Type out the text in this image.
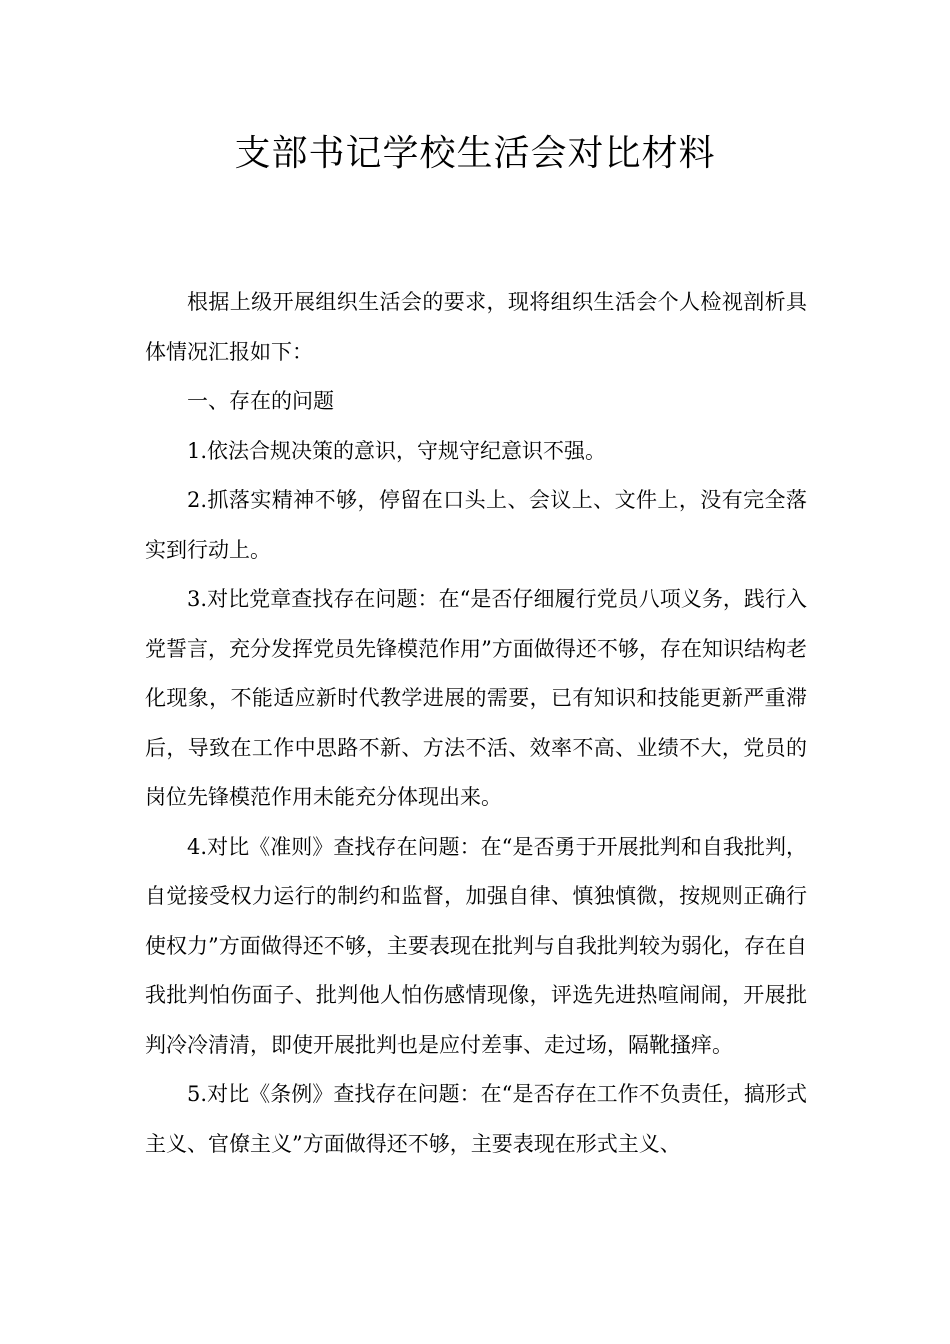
支部书记学校生活会对比材料

根据上级开展组织生活会的要求，现将组织生活会个人检视剖析具体情况汇报如下：

一、存在的问题

1.依法合规决策的意识，守规守纪意识不强。

2.抓落实精神不够，停留在口头上、会议上、文件上，没有完全落实到行动上。

3.对比党章查找存在问题：在“是否仔细履行党员八项义务，践行入党誓言，充分发挥党员先锋模范作用”方面做得还不够，存在知识结构老化现象，不能适应新时代教学进展的需要，已有知识和技能更新严重滞后，导致在工作中思路不新、方法不活、效率不高、业绩不大，党员的岗位先锋模范作用未能充分体现出来。

4.对比《准则》查找存在问题：在“是否勇于开展批判和自我批判，自觉接受权力运行的制约和监督，加强自律、慎独慎微，按规则正确行使权力”方面做得还不够，主要表现在批判与自我批判较为弱化，存在自我批判怕伤面子、批判他人怕伤感情现像，评选先进热喧闹闹，开展批判冷冷清清，即使开展批判也是应付差事、走过场，隔靴搔痒。

5.对比《条例》查找存在问题：在“是否存在工作不负责任，搞形式主义、官僚主义”方面做得还不够，主要表现在形式主义、
